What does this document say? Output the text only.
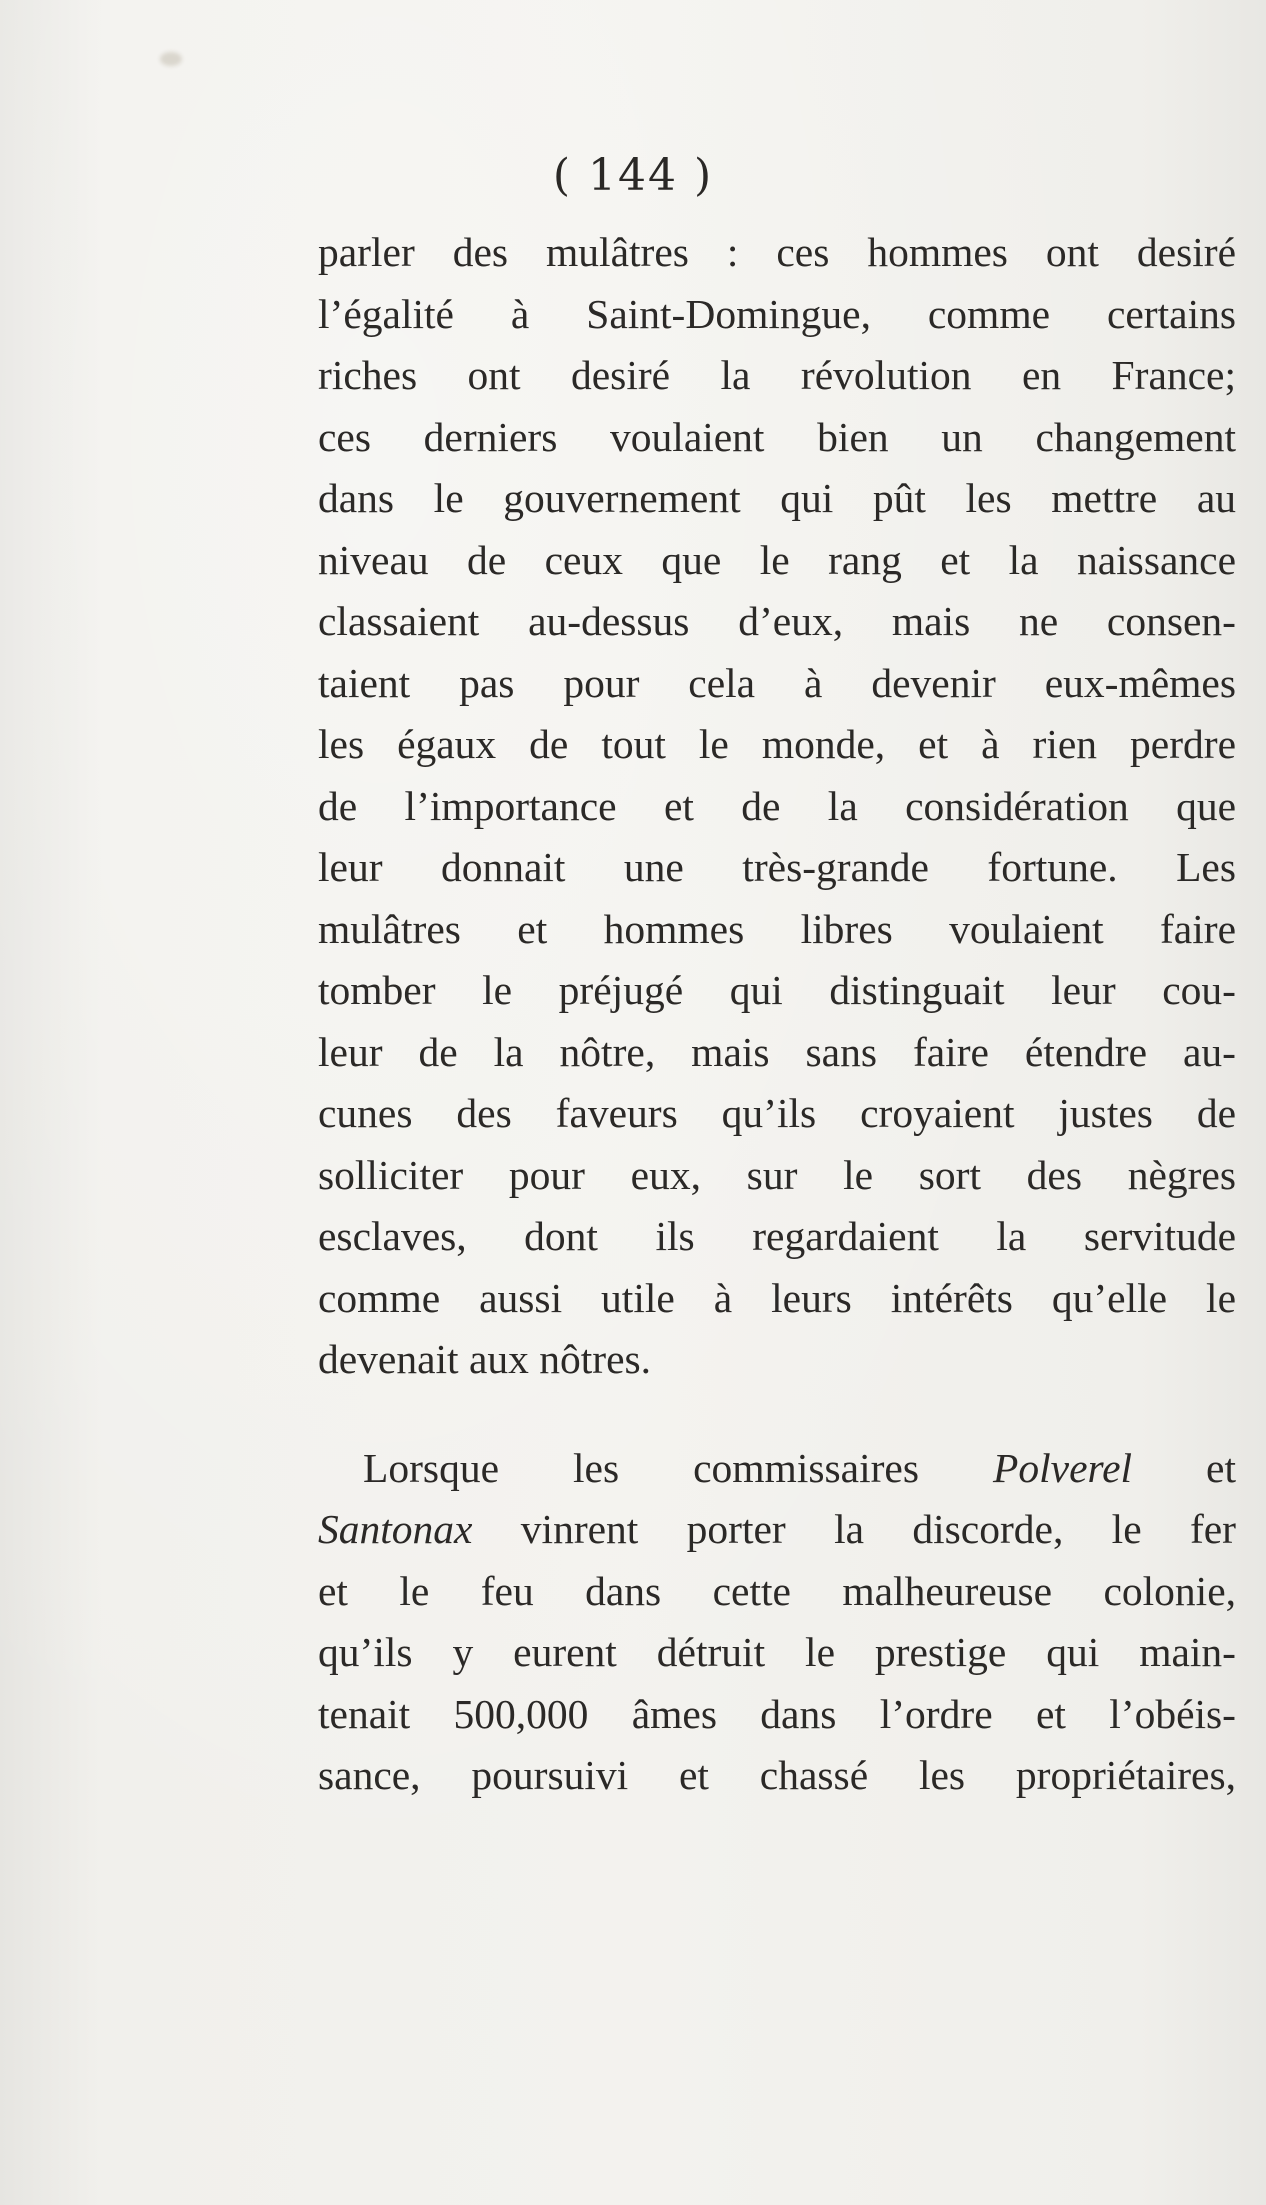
( 144 )
parler des mulâtres : ces hommes ont desiré
l’égalité à Saint-Domingue, comme certains
riches ont desiré la révolution en France;
ces derniers voulaient bien un changement
dans le gouvernement qui pût les mettre au
niveau de ceux que le rang et la naissance
classaient au-dessus d’eux, mais ne consen-
taient pas pour cela à devenir eux-mêmes
les égaux de tout le monde, et à rien perdre
de l’importance et de la considération que
leur donnait une très-grande fortune. Les
mulâtres et hommes libres voulaient faire
tomber le préjugé qui distinguait leur cou-
leur de la nôtre, mais sans faire étendre au-
cunes des faveurs qu’ils croyaient justes de
solliciter pour eux, sur le sort des nègres
esclaves, dont ils regardaient la servitude
comme aussi utile à leurs intérêts qu’elle le
devenait aux nôtres.
Lorsque les commissaires Polverel et
Santonax vinrent porter la discorde, le fer
et le feu dans cette malheureuse colonie,
qu’ils y eurent détruit le prestige qui main-
tenait 500,000 âmes dans l’ordre et l’obéis-
sance, poursuivi et chassé les propriétaires,
